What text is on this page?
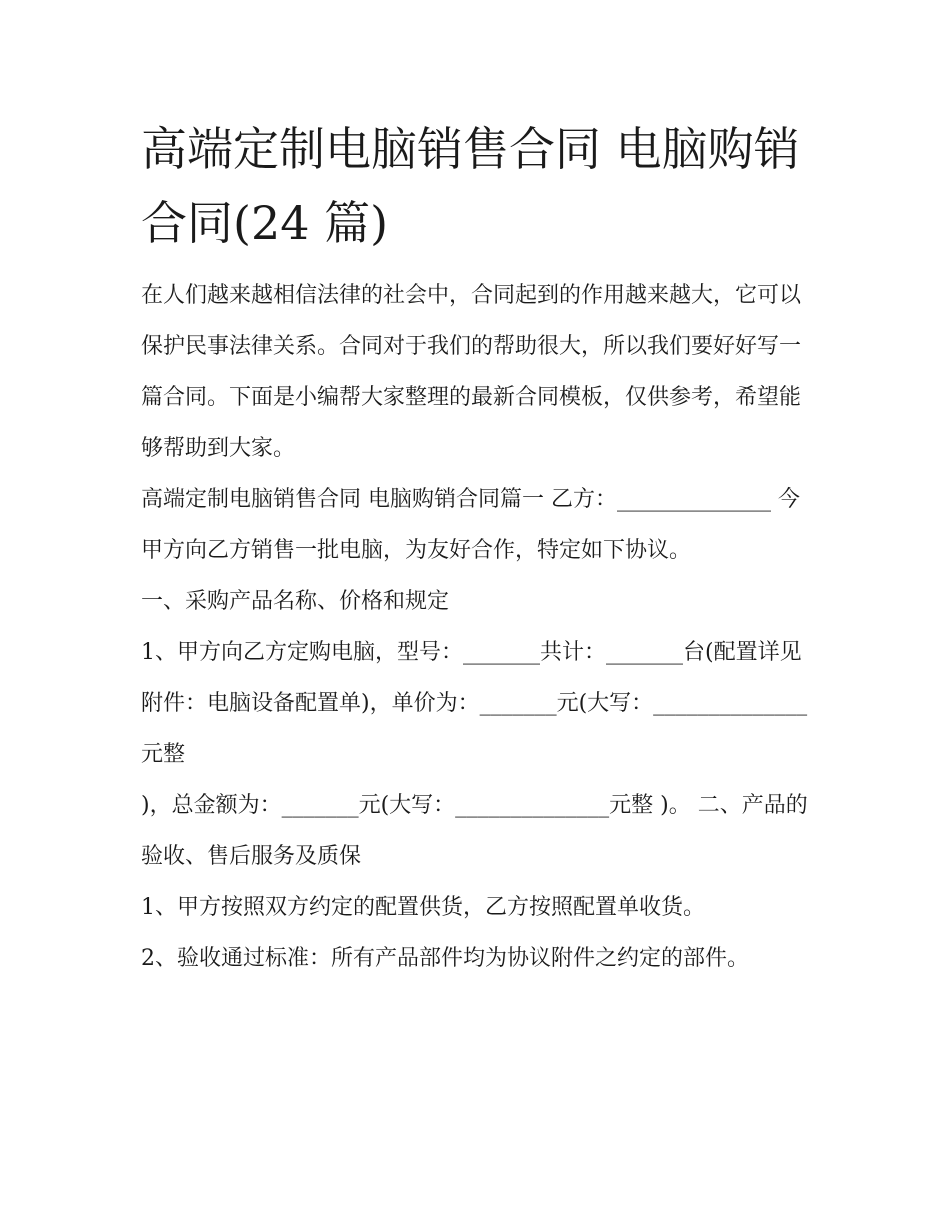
高端定制电脑销售合同 电脑购销合同(24 篇)

在人们越来越相信法律的社会中，合同起到的作用越来越大，它可以保护民事法律关系。合同对于我们的帮助很大，所以我们要好好写一篇合同。下面是小编帮大家整理的最新合同模板，仅供参考，希望能够帮助到大家。

高端定制电脑销售合同 电脑购销合同篇一 乙方：______________ 今甲方向乙方销售一批电脑，为友好合作，特定如下协议。

一、采购产品名称、价格和规定

1、甲方向乙方定购电脑，型号：_______共计：_______台(配置详见附件：电脑设备配置单)，单价为：_______元(大写：______________元整

)，总金额为：_______元(大写：______________元整 )。 二、产品的验收、售后服务及质保

1、甲方按照双方约定的配置供货，乙方按照配置单收货。

2、验收通过标准：所有产品部件均为协议附件之约定的部件。
